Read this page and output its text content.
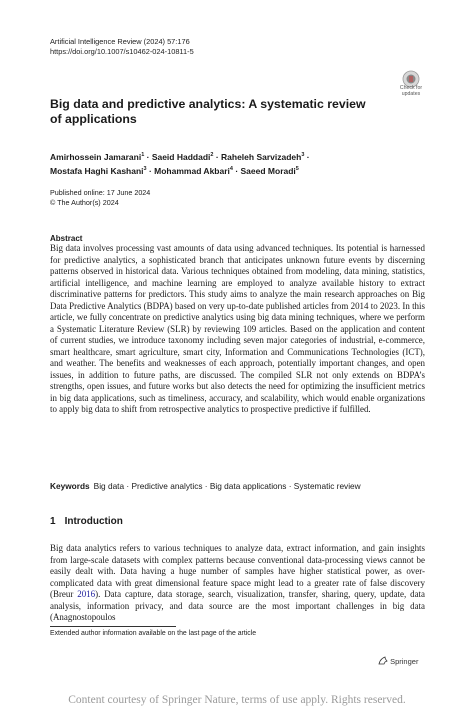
Artificial Intelligence Review (2024) 57:176
https://doi.org/10.1007/s10462-024-10811-5
Check for
updates
Big data and predictive analytics: A systematic review
of applications
Amirhossein Jamarani$^1$ · Saeid Haddadi$^2$ · Raheleh Sarvizadeh$^3$ ·
Mostafa Haghi Kashani$^3$ · Mohammad Akbari$^4$ · Saeed Moradi$^5$
Published online: 17 June 2024
© The Author(s) 2024
Abstract
Big data involves processing vast amounts of data using advanced techniques. Its potential is harnessed for predictive analytics, a sophisticated branch that anticipates unknown future events by discerning patterns observed in historical data. Various techniques obtained from modeling, data mining, statistics, artificial intelligence, and machine learning are employed to analyze available history to extract discriminative patterns for predictors. This study aims to analyze the main research approaches on Big Data Predictive Analytics (BDPA) based on very up-to-date published articles from 2014 to 2023. In this article, we fully concentrate on predictive analytics using big data mining techniques, where we perform a Systematic Literature Review (SLR) by reviewing 109 articles. Based on the application and content of current studies, we introduce taxonomy including seven major categories of industrial, e-commerce, smart healthcare, smart agriculture, smart city, Information and Communications Technologies (ICT), and weather. The benefits and weaknesses of each approach, potentially important changes, and open issues, in addition to future paths, are discussed. The compiled SLR not only extends on BDPA’s strengths, open issues, and future works but also detects the need for optimizing the insufficient metrics in big data applications, such as timeliness, accuracy, and scalability, which would enable organizations to apply big data to shift from retrospective analytics to prospective predictive if fulfilled.
Keywords Big data · Predictive analytics · Big data applications · Systematic review
1 Introduction
Big data analytics refers to various techniques to analyze data, extract information, and gain insights from large-scale datasets with complex patterns because conventional data-processing views cannot be easily dealt with. Data having a huge number of samples have higher statistical power, as over-complicated data with great dimensional feature space might lead to a greater rate of false discovery (Breur 2016). Data capture, data storage, search, visualization, transfer, sharing, query, update, data analysis, information privacy, and data source are the most important challenges in big data (Anagnostopoulos
Extended author information available on the last page of the article
Springer
Content courtesy of Springer Nature, terms of use apply. Rights reserved.
